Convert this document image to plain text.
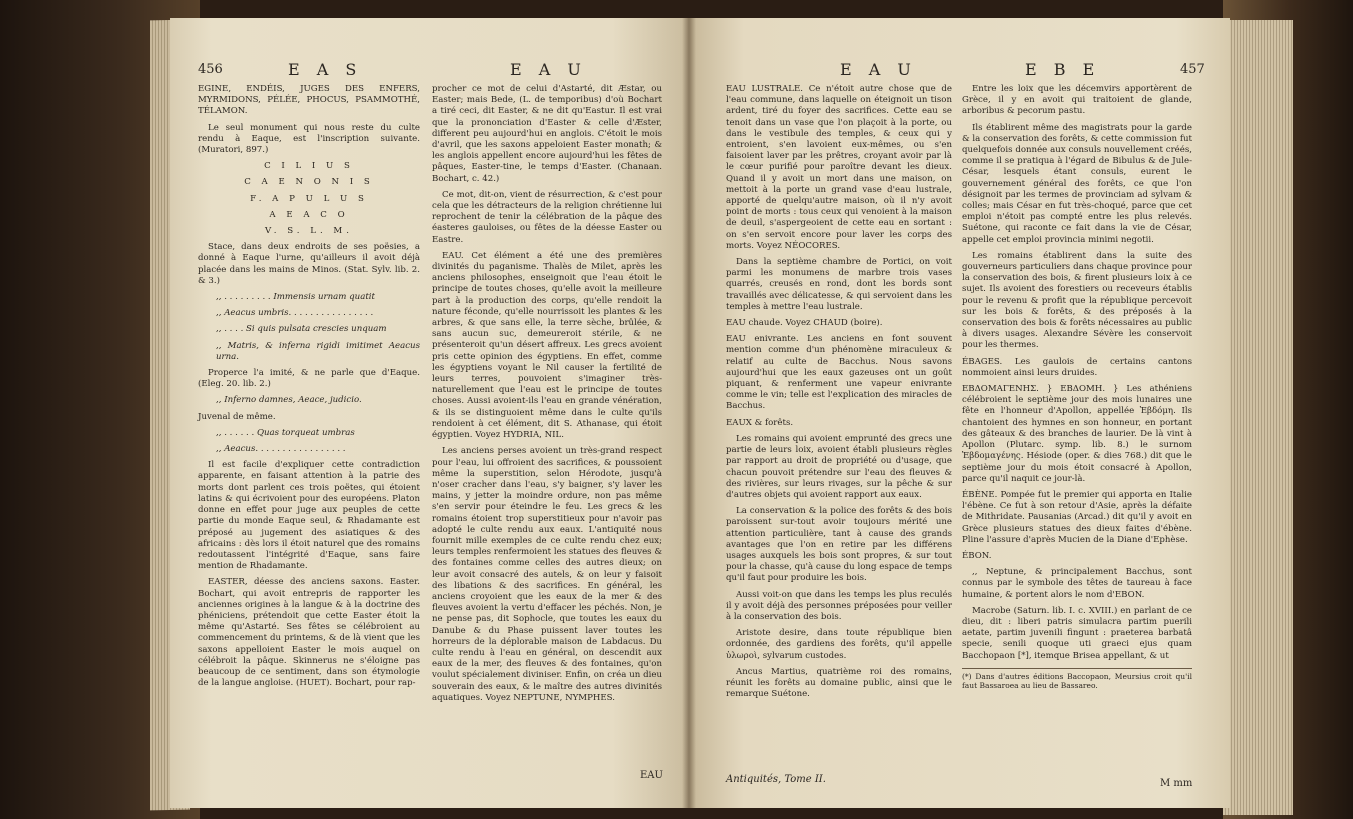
456	E A S	E A U

EGINE, ENDÉIS, JUGES DES ENFERS, MYRMIDONS, PÉLÉE, PHOCUS, PSAMMOTHÉ, TÉLAMON.

Le seul monument qui nous reste du culte rendu à Eaque, est l'inscription suivante. (Muratori, 897.)

C I L I U S

C A E N O N I S

F. A P U L U S

A E A C O

V. S. L. M.

Stace, dans deux endroits de ses poësies, a donné à Eaque l'urne, qu'ailleurs il avoit déjà placée dans les mains de Minos. (Stat. Sylv. lib. 2. & 3.)

,, . . . . . . . . . Immensis urnam quatit

,, Aeacus umbris. . . . . . . . . . . . . . . .

,, . . . . Si quis pulsata crescies unquam

,, Matris, & inferna rigidi imitimet Aeacus urna.

Properce l'a imité, & ne parle que d'Eaque. (Eleg. 20. lib. 2.)

,, Inferno damnes, Aeace, judicio.

Juvenal de même.

,, . . . . . . Quas torqueat umbras

,, Aeacus. . . . . . . . . . . . . . . . .

Il est facile d'expliquer cette contradiction apparente, en faisant attention à la patrie des morts dont parlent ces trois poëtes, qui étoient latins & qui écrivoient pour des européens. Platon donne en effet pour juge aux peuples de cette partie du monde Eaque seul, & Rhadamante est préposé au jugement des asiatiques & des africains : dès lors il étoit naturel que des romains redoutassent l'intégrité d'Eaque, sans faire mention de Rhadamante.

EASTER, déesse des anciens saxons. Easter. Bochart, qui avoit entrepris de rapporter les anciennes origines à la langue & à la doctrine des phéniciens, prétendoit que cette Easter étoit la même qu'Astarté. Ses fêtes se célébroient au commencement du printems, & de là vient que les saxons appelloient Easter le mois auquel on célébroit la pâque. Skinnerus ne s'éloigne pas beaucoup de ce sentiment, dans son étymologie de la langue angloise. (HUET). Bochart, pour rap-

procher ce mot de celui d'Astarté, dit Æstar, ou Easter; mais Bede, (L. de temporibus) d'où Bochart a tiré ceci, dit Easter, & ne dit qu'Eastur. Il est vrai que la prononciation d'Easter & celle d'Æster, different peu aujourd'hui en anglois. C'étoit le mois d'avril, que les saxons appeloient Easter monath; & les anglois appellent encore aujourd'hui les fêtes de pâques, Easter-tine, le temps d'Easter. (Chanaan. Bochart, c. 42.)

Ce mot, dit-on, vient de résurrection, & c'est pour cela que les détracteurs de la religion chrétienne lui reprochent de tenir la célébration de la pâque des éasteres gauloises, ou fêtes de la déesse Easter ou Eastre.

EAU. Cet élément a été une des premières divinités du paganisme. Thalès de Milet, après les anciens philosophes, enseignoit que l'eau étoit le principe de toutes choses, qu'elle avoit la meilleure part à la production des corps, qu'elle rendoit la nature féconde, qu'elle nourrissoit les plantes & les arbres, & que sans elle, la terre sèche, brûlée, & sans aucun suc, demeureroit stérile, & ne présenteroit qu'un désert affreux. Les grecs avoient pris cette opinion des égyptiens. En effet, comme les égyptiens voyant le Nil causer la fertilité de leurs terres, pouvoient s'imaginer très-naturellement que l'eau est le principe de toutes choses. Aussi avoient-ils l'eau en grande vénération, & ils se distinguoient même dans le culte qu'ils rendoient à cet élément, dit S. Athanase, qui étoit égyptien. Voyez HYDRIA, NIL.

Les anciens perses avoient un très-grand respect pour l'eau, lui offroient des sacrifices, & poussoient même la superstition, selon Hérodote, jusqu'à n'oser cracher dans l'eau, s'y baigner, s'y laver les mains, y jetter la moindre ordure, non pas même s'en servir pour éteindre le feu. Les grecs & les romains étoient trop superstitieux pour n'avoir pas adopté le culte rendu aux eaux. L'antiquité nous fournit mille exemples de ce culte rendu chez eux; leurs temples renfermoient les statues des fleuves & des fontaines comme celles des autres dieux; on leur avoit consacré des autels, & on leur y faisoit des libations & des sacrifices. En général, les anciens croyoient que les eaux de la mer & des fleuves avoient la vertu d'effacer les péchés. Non, je ne pense pas, dit Sophocle, que toutes les eaux du Danube & du Phase puissent laver toutes les horreurs de la déplorable maison de Labdacus. Du culte rendu à l'eau en général, on descendit aux eaux de la mer, des fleuves & des fontaines, qu'on voulut spécialement diviniser. Enfin, on créa un dieu souverain des eaux, & le maître des autres divinités aquatiques. Voyez NEPTUNE, NYMPHES.

EAU
E A U	E B E	457

EAU LUSTRALE. Ce n'étoit autre chose que de l'eau commune, dans laquelle on éteignoit un tison ardent, tiré du foyer des sacrifices. Cette eau se tenoit dans un vase que l'on plaçoit à la porte, ou dans le vestibule des temples, & ceux qui y entroient, s'en lavoient eux-mêmes, ou s'en faisoient laver par les prêtres, croyant avoir par là le cœur purifié pour paroître devant les dieux. Quand il y avoit un mort dans une maison, on mettoit à la porte un grand vase d'eau lustrale, apporté de quelqu'autre maison, où il n'y avoit point de morts : tous ceux qui venoient à la maison de deuil, s'aspergeoient de cette eau en sortant : on s'en servoit encore pour laver les corps des morts. Voyez NÉOCORES.

Dans la septième chambre de Portici, on voit parmi les monumens de marbre trois vases quarrés, creusés en rond, dont les bords sont travaillés avec délicatesse, & qui servoient dans les temples à mettre l'eau lustrale.

EAU chaude. Voyez CHAUD (boire).

EAU enivrante. Les anciens en font souvent mention comme d'un phénomène miraculeux & relatif au culte de Bacchus. Nous savons aujourd'hui que les eaux gazeuses ont un goût piquant, & renferment une vapeur enivrante comme le vin; telle est l'explication des miracles de Bacchus.

EAUX & forêts.

Les romains qui avoient emprunté des grecs une partie de leurs loix, avoient établi plusieurs règles par rapport au droit de propriété ou d'usage, que chacun pouvoit prétendre sur l'eau des fleuves & des rivières, sur leurs rivages, sur la pêche & sur d'autres objets qui avoient rapport aux eaux.

La conservation & la police des forêts & des bois paroissent sur-tout avoir toujours mérité une attention particulière, tant à cause des grands avantages que l'on en retire par les différens usages auxquels les bois sont propres, & sur tout pour la chasse, qu'à cause du long espace de temps qu'il faut pour produire les bois.

Aussi voit-on que dans les temps les plus reculés il y avoit déjà des personnes préposées pour veiller à la conservation des bois.

Aristote desire, dans toute république bien ordonnée, des gardiens des forêts, qu'il appelle ὑλωροὶ, sylvarum custodes.

Ancus Martius, quatrième roi des romains, réunit les forêts au domaine public, ainsi que le remarque Suétone.

Entre les loix que les décemvirs apportèrent de Grèce, il y en avoit qui traitoient de glande, arboribus & pecorum pastu.

Ils établirent même des magistrats pour la garde & la conservation des forêts, & cette commission fut quelquefois donnée aux consuls nouvellement créés, comme il se pratiqua à l'égard de Bibulus & de Jule-César, lesquels étant consuls, eurent le gouvernement général des forêts, ce que l'on désignoit par les termes de provinciam ad sylvam & colles; mais César en fut très-choqué, parce que cet emploi n'étoit pas compté entre les plus relevés. Suétone, qui raconte ce fait dans la vie de César, appelle cet emploi provincia minimi negotii.

Les romains établirent dans la suite des gouverneurs particuliers dans chaque province pour la conservation des bois, & firent plusieurs loix à ce sujet. Ils avoient des forestiers ou receveurs établis pour le revenu & profit que la république percevoit sur les bois & forêts, & des préposés à la conservation des bois & forêts nécessaires au public à divers usages. Alexandre Sévère les conservoit pour les thermes.

ÉBAGES. Les gaulois de certains cantons nommoient ainsi leurs druides.

ΕΒΔΟΜΑΓΕΝΗΣ. } ΕΒΔΟΜΗ. } Les athéniens célébroient le septième jour des mois lunaires une fête en l'honneur d'Apollon, appellée Ἑβδόμη. Ils chantoient des hymnes en son honneur, en portant des gâteaux & des branches de laurier. De là vint à Apollon (Plutarc. symp. lib. 8.) le surnom Ἑβδομαγένης. Hésiode (oper. & dies 768.) dit que le septième jour du mois étoit consacré à Apollon, parce qu'il naquit ce jour-là.

ÉBÈNE. Pompée fut le premier qui apporta en Italie l'ébène. Ce fut à son retour d'Asie, après la défaite de Mithridate. Pausanias (Arcad.) dit qu'il y avoit en Grèce plusieurs statues des dieux faites d'ébène. Pline l'assure d'après Mucien de la Diane d'Ephèse.

ÉBON.

,, Neptune, & principalement Bacchus, sont connus par le symbole des têtes de taureau à face humaine, & portent alors le nom d'EBON.

Macrobe (Saturn. lib. I. c. XVIII.) en parlant de ce dieu, dit : liberi patris simulacra partim puerili aetate, partim juvenili fingunt : praeterea barbatâ specie, senili quoque uti graeci ejus quam Bacchopaon [*], itemque Brisea appellant, & ut

(*) Dans d'autres éditions Baccopaon, Meursius croit qu'il faut Bassaroea au lieu de Bassareo.
Antiquités, Tome II.	M mm
